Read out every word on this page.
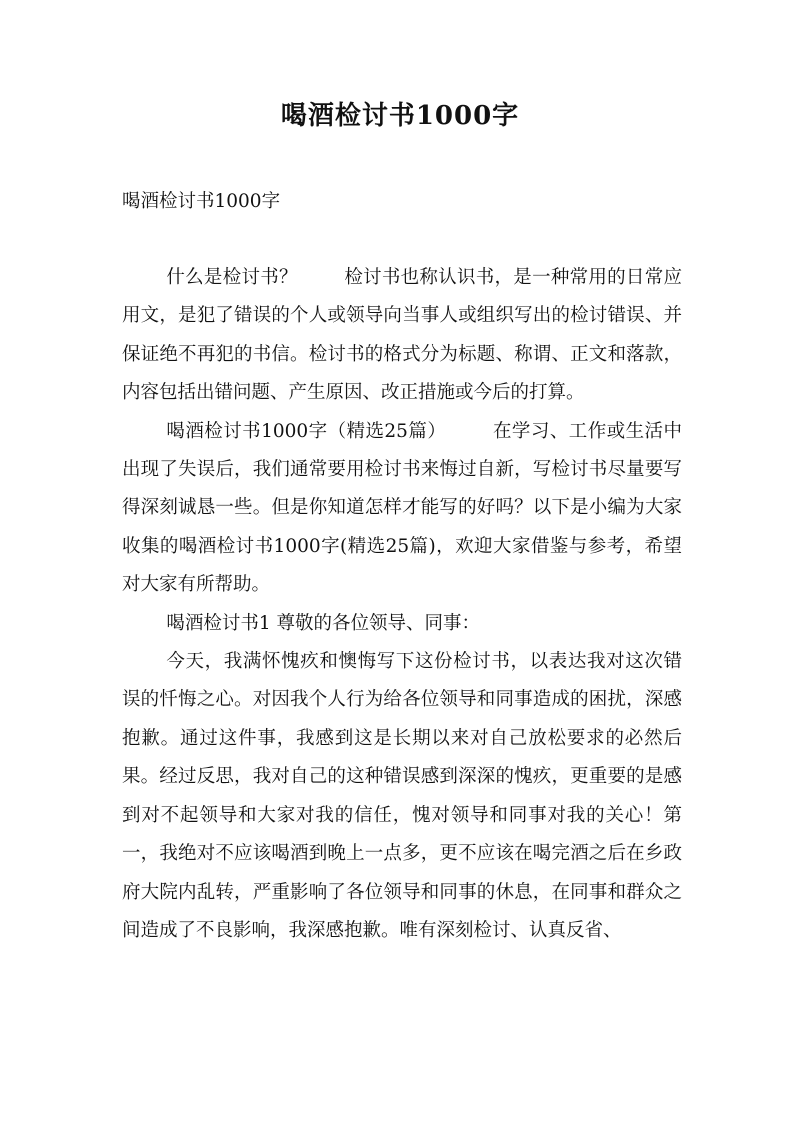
喝酒检讨书1000字
喝酒检讨书1000字

什么是检讨书？	检讨书也称认识书，是一种常用的日常应用文，是犯了错误的个人或领导向当事人或组织写出的检讨错误、并保证绝不再犯的书信。检讨书的格式分为标题、称谓、正文和落款，内容包括出错问题、产生原因、改正措施或今后的打算。

喝酒检讨书1000字（精选25篇）	在学习、工作或生活中出现了失误后，我们通常要用检讨书来悔过自新，写检讨书尽量要写得深刻诚恳一些。但是你知道怎样才能写的好吗？以下是小编为大家收集的喝酒检讨书1000字(精选25篇)，欢迎大家借鉴与参考，希望对大家有所帮助。

喝酒检讨书1 尊敬的各位领导、同事：

今天，我满怀愧疚和懊悔写下这份检讨书，以表达我对这次错误的忏悔之心。对因我个人行为给各位领导和同事造成的困扰，深感抱歉。通过这件事，我感到这是长期以来对自己放松要求的必然后果。经过反思，我对自己的这种错误感到深深的愧疚，更重要的是感到对不起领导和大家对我的信任，愧对领导和同事对我的关心！第一，我绝对不应该喝酒到晚上一点多，更不应该在喝完酒之后在乡政府大院内乱转，严重影响了各位领导和同事的休息，在同事和群众之间造成了不良影响，我深感抱歉。唯有深刻检讨、认真反省、
